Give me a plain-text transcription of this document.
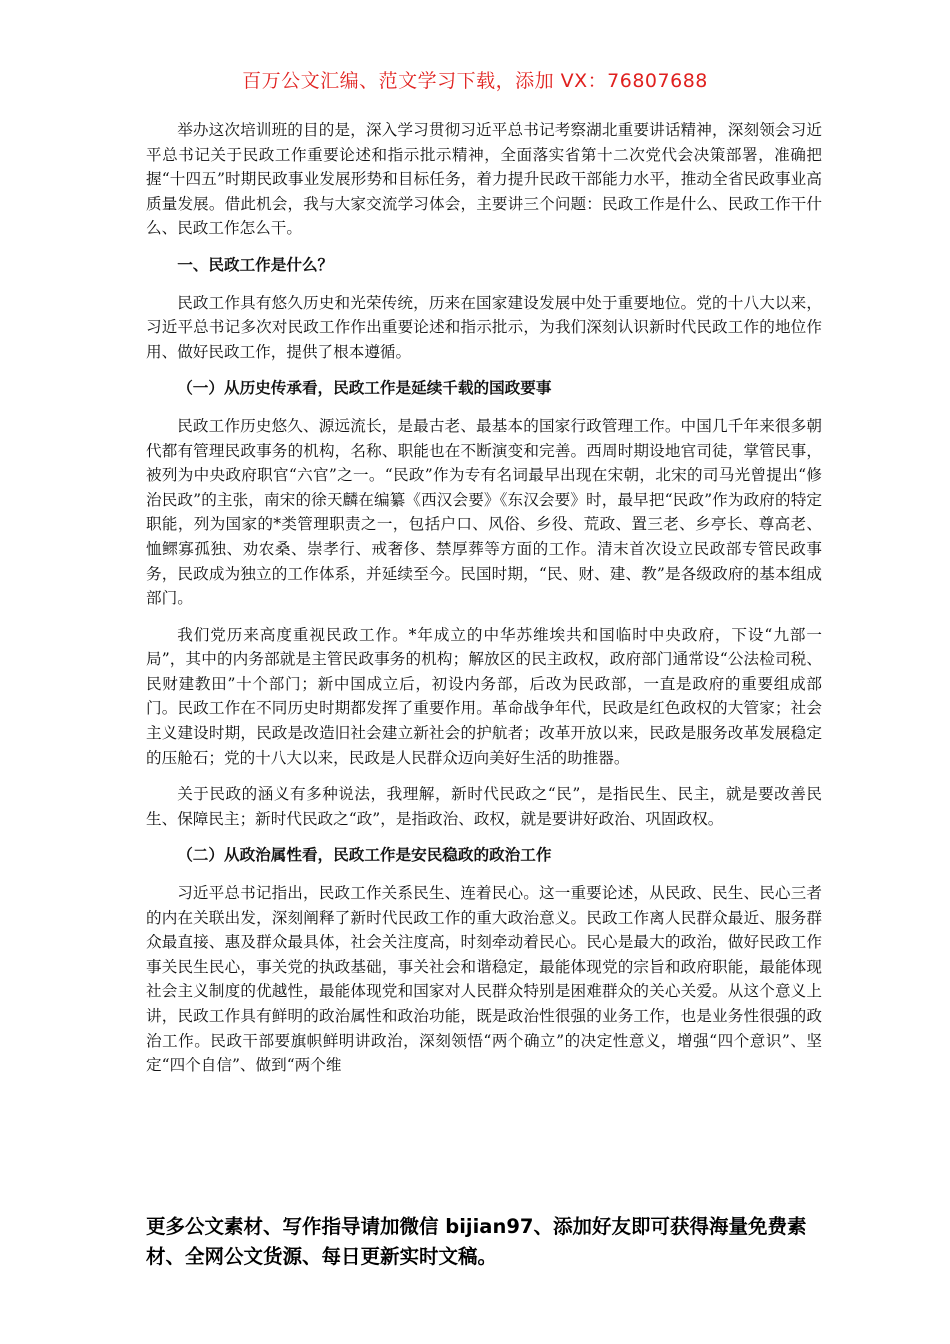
百万公文汇编、范文学习下载，添加 VX：76807688

举办这次培训班的目的是，深入学习贯彻习近平总书记考察湖北重要讲话精神，深刻领会习近平总书记关于民政工作重要论述和指示批示精神，全面落实省第十二次党代会决策部署，准确把握“十四五”时期民政事业发展形势和目标任务，着力提升民政干部能力水平，推动全省民政事业高质量发展。借此机会，我与大家交流学习体会，主要讲三个问题：民政工作是什么、民政工作干什么、民政工作怎么干。

一、民政工作是什么？

民政工作具有悠久历史和光荣传统，历来在国家建设发展中处于重要地位。党的十八大以来，习近平总书记多次对民政工作作出重要论述和指示批示，为我们深刻认识新时代民政工作的地位作用、做好民政工作，提供了根本遵循。

（一）从历史传承看，民政工作是延续千载的国政要事

民政工作历史悠久、源远流长，是最古老、最基本的国家行政管理工作。中国几千年来很多朝代都有管理民政事务的机构，名称、职能也在不断演变和完善。西周时期设地官司徒，掌管民事，被列为中央政府职官“六官”之一。“民政”作为专有名词最早出现在宋朝，北宋的司马光曾提出“修治民政”的主张，南宋的徐天麟在编纂《西汉会要》《东汉会要》时，最早把“民政”作为政府的特定职能，列为国家的*类管理职责之一，包括户口、风俗、乡役、荒政、置三老、乡亭长、尊高老、恤鳏寡孤独、劝农桑、崇孝行、戒奢侈、禁厚葬等方面的工作。清末首次设立民政部专管民政事务，民政成为独立的工作体系，并延续至今。民国时期，“民、财、建、教”是各级政府的基本组成部门。

我们党历来高度重视民政工作。*年成立的中华苏维埃共和国临时中央政府，下设“九部一局”，其中的内务部就是主管民政事务的机构；解放区的民主政权，政府部门通常设“公法检司税、民财建教田”十个部门；新中国成立后，初设内务部，后改为民政部，一直是政府的重要组成部门。民政工作在不同历史时期都发挥了重要作用。革命战争年代，民政是红色政权的大管家；社会主义建设时期，民政是改造旧社会建立新社会的护航者；改革开放以来，民政是服务改革发展稳定的压舱石；党的十八大以来，民政是人民群众迈向美好生活的助推器。

关于民政的涵义有多种说法，我理解，新时代民政之“民”，是指民生、民主，就是要改善民生、保障民主；新时代民政之“政”，是指政治、政权，就是要讲好政治、巩固政权。

（二）从政治属性看，民政工作是安民稳政的政治工作

习近平总书记指出，民政工作关系民生、连着民心。这一重要论述，从民政、民生、民心三者的内在关联出发，深刻阐释了新时代民政工作的重大政治意义。民政工作离人民群众最近、服务群众最直接、惠及群众最具体，社会关注度高，时刻牵动着民心。民心是最大的政治，做好民政工作事关民生民心，事关党的执政基础，事关社会和谐稳定，最能体现党的宗旨和政府职能，最能体现社会主义制度的优越性，最能体现党和国家对人民群众特别是困难群众的关心关爱。从这个意义上讲，民政工作具有鲜明的政治属性和政治功能，既是政治性很强的业务工作，也是业务性很强的政治工作。民政干部要旗帜鲜明讲政治，深刻领悟“两个确立”的决定性意义，增强“四个意识”、坚定“四个自信”、做到“两个维

更多公文素材、写作指导请加微信 bijian97、添加好友即可获得海量免费素材、全网公文货源、每日更新实时文稿。
